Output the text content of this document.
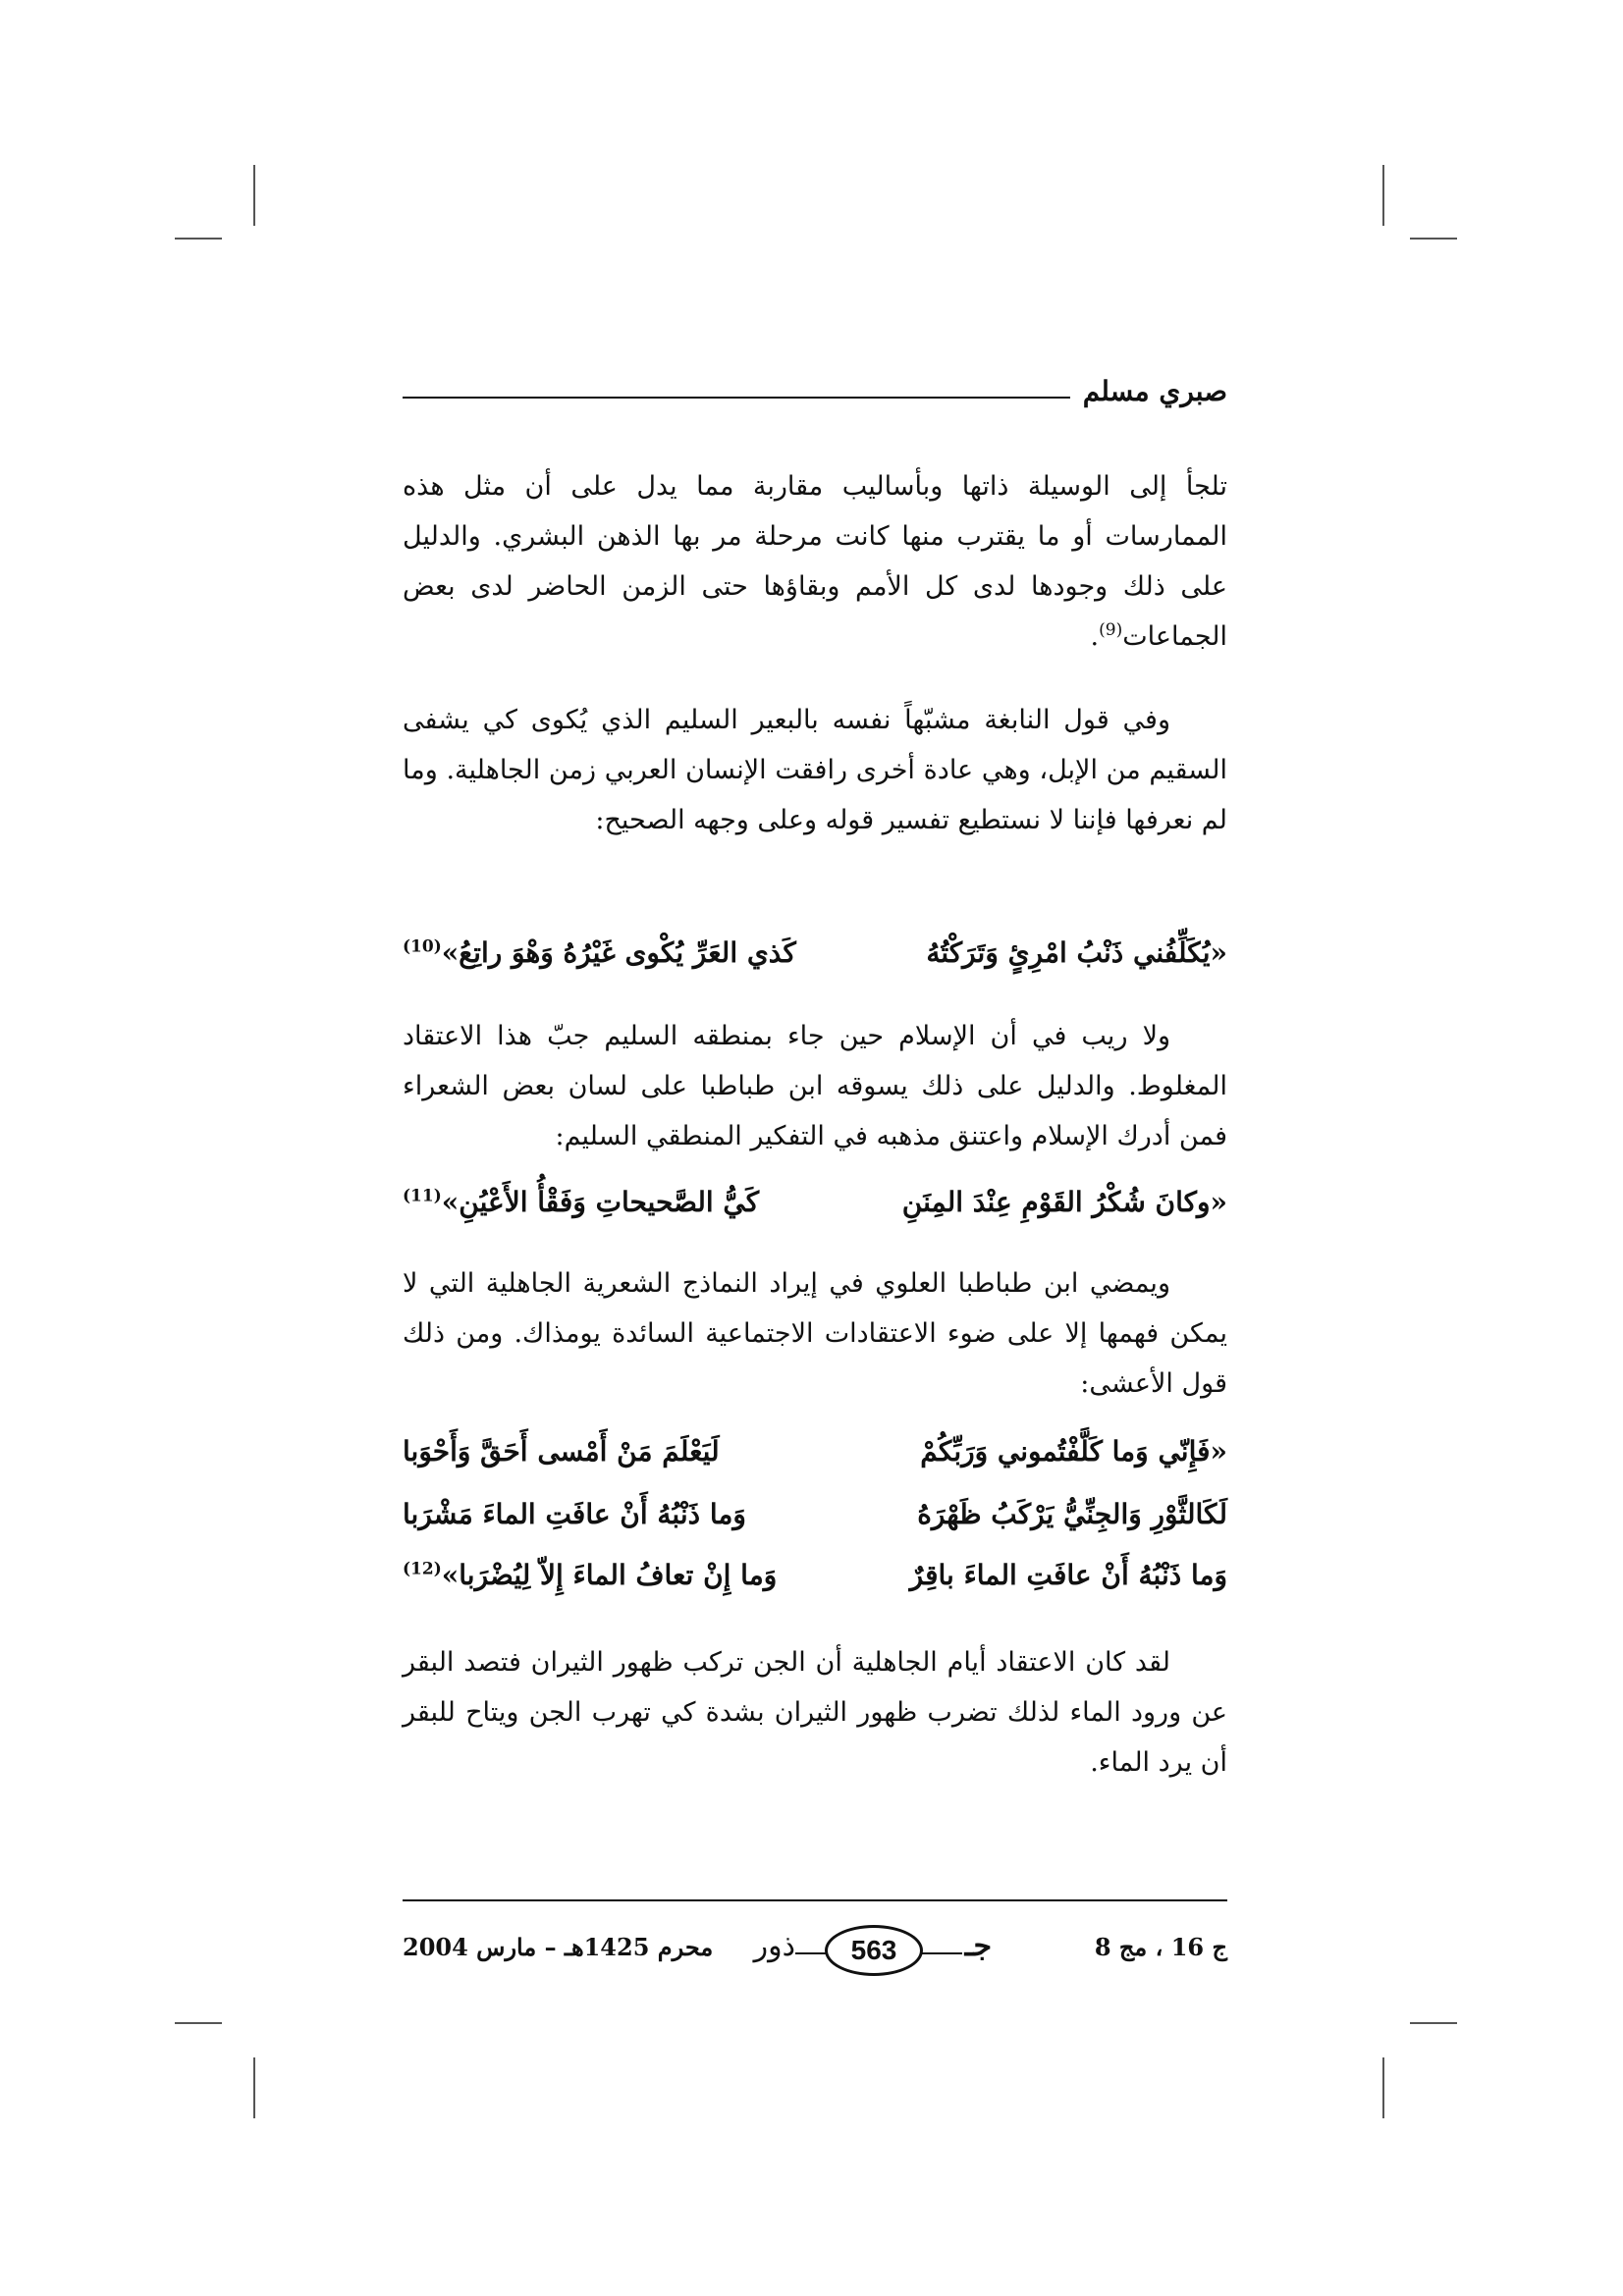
صبري مسلم

تلجأ إلى الوسيلة ذاتها وبأساليب مقاربة مما يدل على أن مثل هذه الممارسات أو ما يقترب منها كانت مرحلة مر بها الذهن البشري. والدليل على ذلك وجودها لدى كل الأمم وبقاؤها حتى الزمن الحاضر لدى بعض الجماعات$^{(9)}$.

وفي قول النابغة مشبّهاً نفسه بالبعير السليم الذي يُكوى كي يشفى السقيم من الإبل، وهي عادة أخرى رافقت الإنسان العربي زمن الجاهلية. وما لم نعرفها فإننا لا نستطيع تفسير قوله وعلى وجهه الصحيح:

«يُكَلِّفُني ذَنْبُ امْرِئٍ وَتَرَكْتُهُ
كَذي العَرِّ يُكْوى غَيْرُهُ وَهْوَ راتِعُ»$^{(10)}$

ولا ريب في أن الإسلام حين جاء بمنطقه السليم جبّ هذا الاعتقاد المغلوط. والدليل على ذلك يسوقه ابن طباطبا على لسان بعض الشعراء فمن أدرك الإسلام واعتنق مذهبه في التفكير المنطقي السليم:

«وكانَ شُكْرُ القَوْمِ عِنْدَ المِنَنِ
كَيُّ الصَّحيحاتِ وَفَقْأُ الأَعْيُنِ»$^{(11)}$

ويمضي ابن طباطبا العلوي في إيراد النماذج الشعرية الجاهلية التي لا يمكن فهمها إلا على ضوء الاعتقادات الاجتماعية السائدة يومذاك. ومن ذلك قول الأعشى:

«فَإِنّي وَما كَلَّفْتُموني وَرَبِّكُمْ
لَيَعْلَمَ مَنْ أَمْسى أَحَقَّ وَأَحْوَبا
لَكَالثَّوْرِ وَالجِنِّيُّ يَرْكَبُ ظَهْرَهُ
وَما ذَنْبُهُ أَنْ عافَتِ الماءَ مَشْرَبا
وَما ذَنْبُهُ أَنْ عافَتِ الماءَ باقِرٌ
وَما إِنْ تعافُ الماءَ إِلاّ لِيُضْرَبا»$^{(12)}$

لقد كان الاعتقاد أيام الجاهلية أن الجن تركب ظهور الثيران فتصد البقر عن ورود الماء لذلك تضرب ظهور الثيران بشدة كي تهرب الجن ويتاح للبقر أن يرد الماء.

ج 16 ، مج 8
جـ
563
ذور
محرم 1425هـ – مارس 2004
